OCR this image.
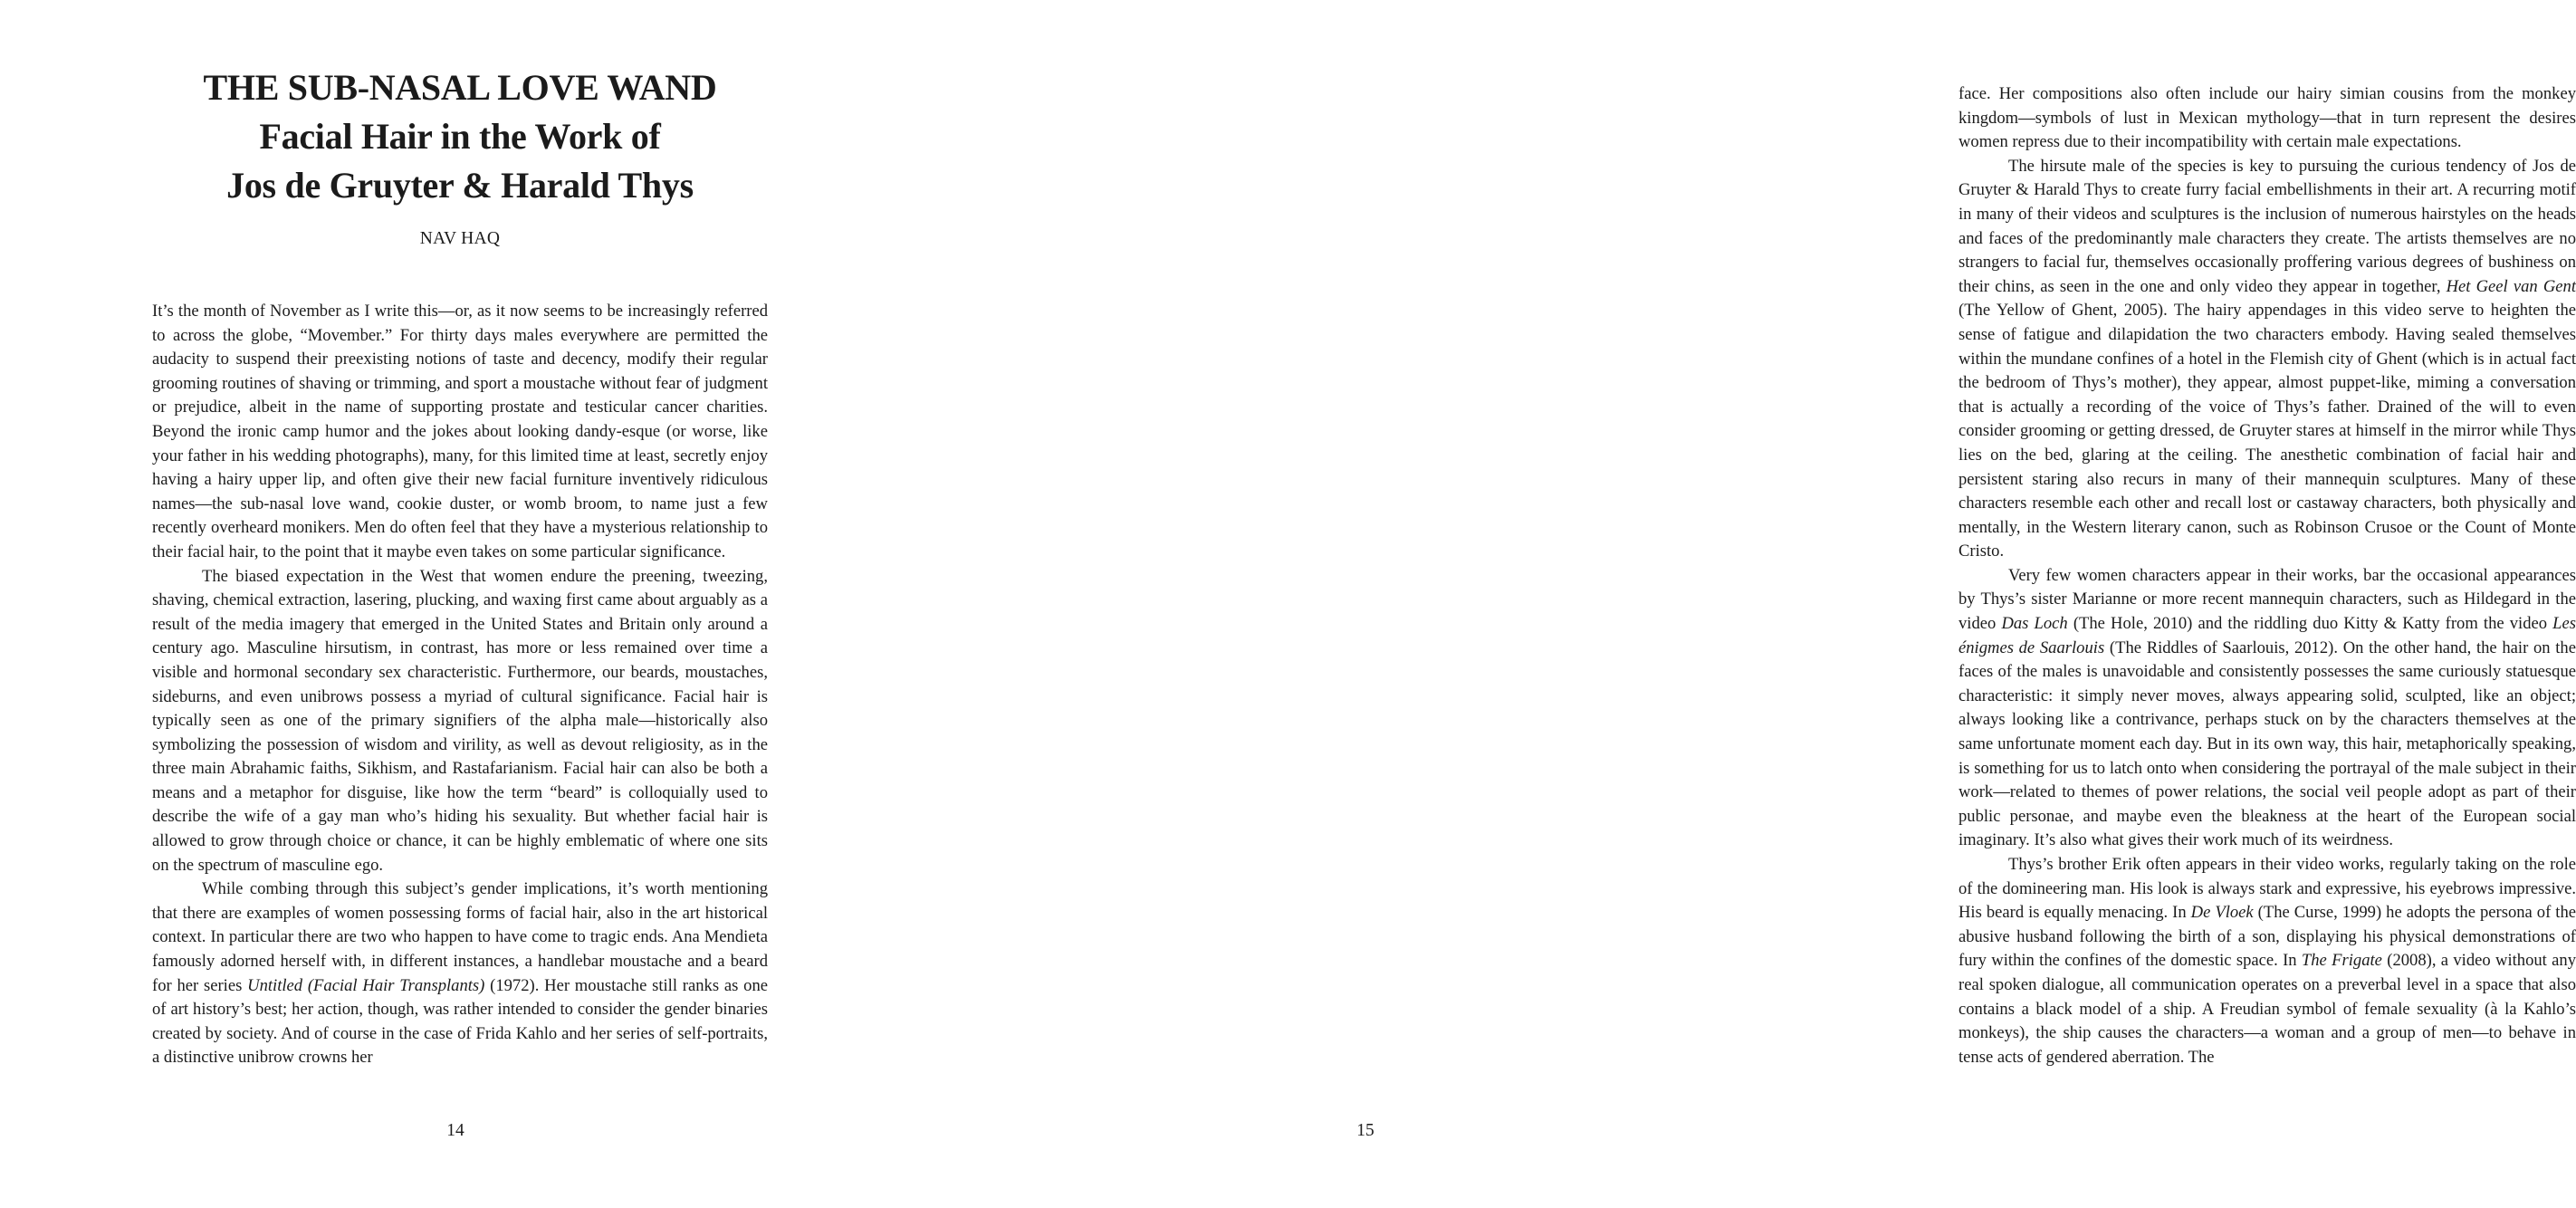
THE SUB-NASAL LOVE WAND

Facial Hair in the Work of

Jos de Gruyter & Harald Thys

NAV HAQ

It’s the month of November as I write this—or, as it now seems to be increasingly referred to across the globe, “Movember.” For thirty days males everywhere are permitted the audacity to suspend their preexisting notions of taste and decency, modify their regular grooming routines of shaving or trimming, and sport a moustache without fear of judgment or prejudice, albeit in the name of supporting prostate and testicular cancer charities. Beyond the ironic camp humor and the jokes about looking dandy-esque (or worse, like your father in his wedding photographs), many, for this limited time at least, secretly enjoy having a hairy upper lip, and often give their new facial furniture inventively ridiculous names—the sub-nasal love wand, cookie duster, or womb broom, to name just a few recently overheard monikers. Men do often feel that they have a mysterious relationship to their facial hair, to the point that it maybe even takes on some particular significance.

The biased expectation in the West that women endure the preening, tweezing, shaving, chemical extraction, lasering, plucking, and waxing first came about arguably as a result of the media imagery that emerged in the United States and Britain only around a century ago. Masculine hirsutism, in contrast, has more or less remained over time a visible and hormonal secondary sex characteristic. Furthermore, our beards, moustaches, sideburns, and even unibrows possess a myriad of cultural significance. Facial hair is typically seen as one of the primary signifiers of the alpha male—historically also symbolizing the possession of wisdom and virility, as well as devout religiosity, as in the three main Abrahamic faiths, Sikhism, and Rastafarianism. Facial hair can also be both a means and a metaphor for disguise, like how the term “beard” is colloquially used to describe the wife of a gay man who’s hiding his sexuality. But whether facial hair is allowed to grow through choice or chance, it can be highly emblematic of where one sits on the spectrum of masculine ego.

While combing through this subject’s gender implications, it’s worth mentioning that there are examples of women possessing forms of facial hair, also in the art historical context. In particular there are two who happen to have come to tragic ends. Ana Mendieta famously adorned herself with, in different instances, a handlebar moustache and a beard for her series Untitled (Facial Hair Transplants) (1972). Her moustache still ranks as one of art history’s best; her action, though, was rather intended to consider the gender binaries created by society. And of course in the case of Frida Kahlo and her series of self-portraits, a distinctive unibrow crowns her

14

face. Her compositions also often include our hairy simian cousins from the monkey kingdom—symbols of lust in Mexican mythology—that in turn represent the desires women repress due to their incompatibility with certain male expectations.

The hirsute male of the species is key to pursuing the curious tendency of Jos de Gruyter & Harald Thys to create furry facial embellishments in their art. A recurring motif in many of their videos and sculptures is the inclusion of numerous hairstyles on the heads and faces of the predominantly male characters they create. The artists themselves are no strangers to facial fur, themselves occasionally proffering various degrees of bushiness on their chins, as seen in the one and only video they appear in together, Het Geel van Gent (The Yellow of Ghent, 2005). The hairy appendages in this video serve to heighten the sense of fatigue and dilapidation the two characters embody. Having sealed themselves within the mundane confines of a hotel in the Flemish city of Ghent (which is in actual fact the bedroom of Thys’s mother), they appear, almost puppet-like, miming a conversation that is actually a recording of the voice of Thys’s father. Drained of the will to even consider grooming or getting dressed, de Gruyter stares at himself in the mirror while Thys lies on the bed, glaring at the ceiling. The anesthetic combination of facial hair and persistent staring also recurs in many of their mannequin sculptures. Many of these characters resemble each other and recall lost or castaway characters, both physically and mentally, in the Western literary canon, such as Robinson Crusoe or the Count of Monte Cristo.

Very few women characters appear in their works, bar the occasional appearances by Thys’s sister Marianne or more recent mannequin characters, such as Hildegard in the video Das Loch (The Hole, 2010) and the riddling duo Kitty & Katty from the video Les énigmes de Saarlouis (The Riddles of Saarlouis, 2012). On the other hand, the hair on the faces of the males is unavoidable and consistently possesses the same curiously statuesque characteristic: it simply never moves, always appearing solid, sculpted, like an object; always looking like a contrivance, perhaps stuck on by the characters themselves at the same unfortunate moment each day. But in its own way, this hair, metaphorically speaking, is something for us to latch onto when considering the portrayal of the male subject in their work—related to themes of power relations, the social veil people adopt as part of their public personae, and maybe even the bleakness at the heart of the European social imaginary. It’s also what gives their work much of its weirdness.

Thys’s brother Erik often appears in their video works, regularly taking on the role of the domineering man. His look is always stark and expressive, his eyebrows impressive. His beard is equally menacing. In De Vloek (The Curse, 1999) he adopts the persona of the abusive husband following the birth of a son, displaying his physical demonstrations of fury within the confines of the domestic space. In The Frigate (2008), a video without any real spoken dialogue, all communication operates on a preverbal level in a space that also contains a black model of a ship. A Freudian symbol of female sexuality (à la Kahlo’s monkeys), the ship causes the characters—a woman and a group of men—to behave in tense acts of gendered aberration. The

15
